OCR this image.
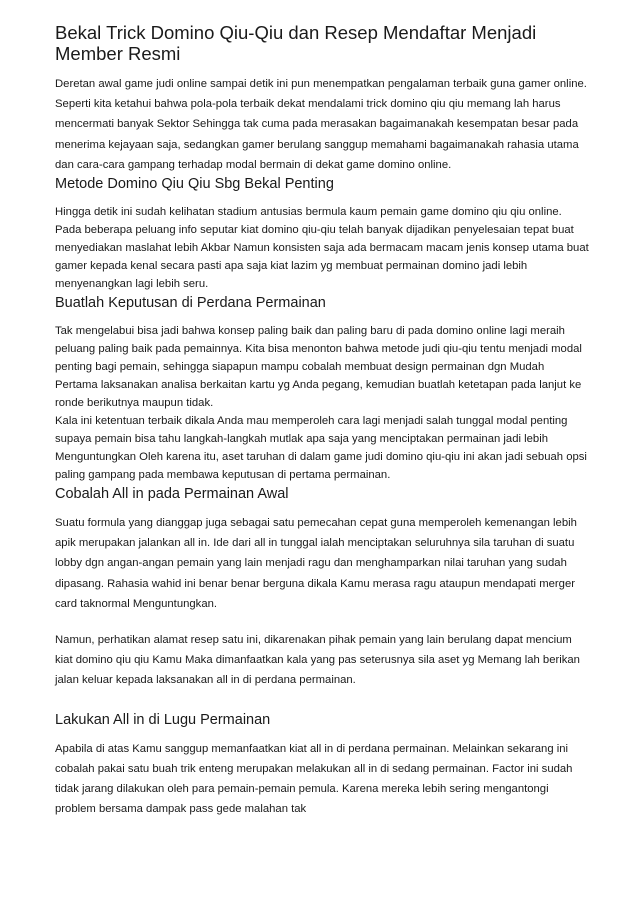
Bekal Trick Domino Qiu-Qiu dan Resep Mendaftar Menjadi Member Resmi

Deretan awal game judi online sampai detik ini pun menempatkan pengalaman terbaik guna gamer online. Seperti kita ketahui bahwa pola-pola terbaik dekat mendalami trick domino qiu qiu memang lah harus mencermati banyak Sektor Sehingga tak cuma pada merasakan bagaimanakah kesempatan besar pada menerima kejayaan saja, sedangkan gamer berulang sanggup memahami bagaimanakah rahasia utama dan cara-cara gampang terhadap modal bermain di dekat game domino online.

Metode Domino Qiu Qiu Sbg Bekal Penting

Hingga detik ini sudah kelihatan stadium antusias bermula kaum pemain game domino qiu qiu online. Pada beberapa peluang info seputar kiat domino qiu-qiu telah banyak dijadikan penyelesaian tepat buat menyediakan maslahat lebih Akbar Namun konsisten saja ada bermacam macam jenis konsep utama buat gamer kepada kenal secara pasti apa saja kiat lazim yg membuat permainan domino jadi lebih menyenangkan lagi lebih seru.

Buatlah Keputusan di Perdana Permainan

Tak mengelabui bisa jadi bahwa konsep paling baik dan paling baru di pada domino online lagi meraih peluang paling baik pada pemainnya. Kita bisa menonton bahwa metode judi qiu-qiu tentu menjadi modal penting bagi pemain, sehingga siapapun mampu cobalah membuat design permainan dgn Mudah Pertama laksanakan analisa berkaitan kartu yg Anda pegang, kemudian buatlah ketetapan pada lanjut ke ronde berikutnya maupun tidak.

Kala ini ketentuan terbaik dikala Anda mau memperoleh cara lagi menjadi salah tunggal modal penting supaya pemain bisa tahu langkah-langkah mutlak apa saja yang menciptakan permainan jadi lebih Menguntungkan Oleh karena itu, aset taruhan di dalam game judi domino qiu-qiu ini akan jadi sebuah opsi paling gampang pada membawa keputusan di pertama permainan.

Cobalah All in pada Permainan Awal

Suatu formula yang dianggap juga sebagai satu pemecahan cepat guna memperoleh kemenangan lebih apik merupakan jalankan all in. Ide dari all in tunggal ialah menciptakan seluruhnya sila taruhan di suatu lobby dgn angan-angan pemain yang lain menjadi ragu dan menghamparkan nilai taruhan yang sudah dipasang. Rahasia wahid ini benar benar berguna dikala Kamu merasa ragu ataupun mendapati merger card taknormal Menguntungkan.

Namun, perhatikan alamat resep satu ini, dikarenakan pihak pemain yang lain berulang dapat mencium kiat domino qiu qiu Kamu Maka dimanfaatkan kala yang pas seterusnya sila aset yg Memang lah berikan jalan keluar kepada laksanakan all in di perdana permainan.

Lakukan All in di Lugu Permainan

Apabila di atas Kamu sanggup memanfaatkan kiat all in di perdana permainan. Melainkan sekarang ini cobalah pakai satu buah trik enteng merupakan melakukan all in di sedang permainan. Factor ini sudah tidak jarang dilakukan oleh para pemain-pemain pemula. Karena mereka lebih sering mengantongi problem bersama dampak pass gede malahan tak
